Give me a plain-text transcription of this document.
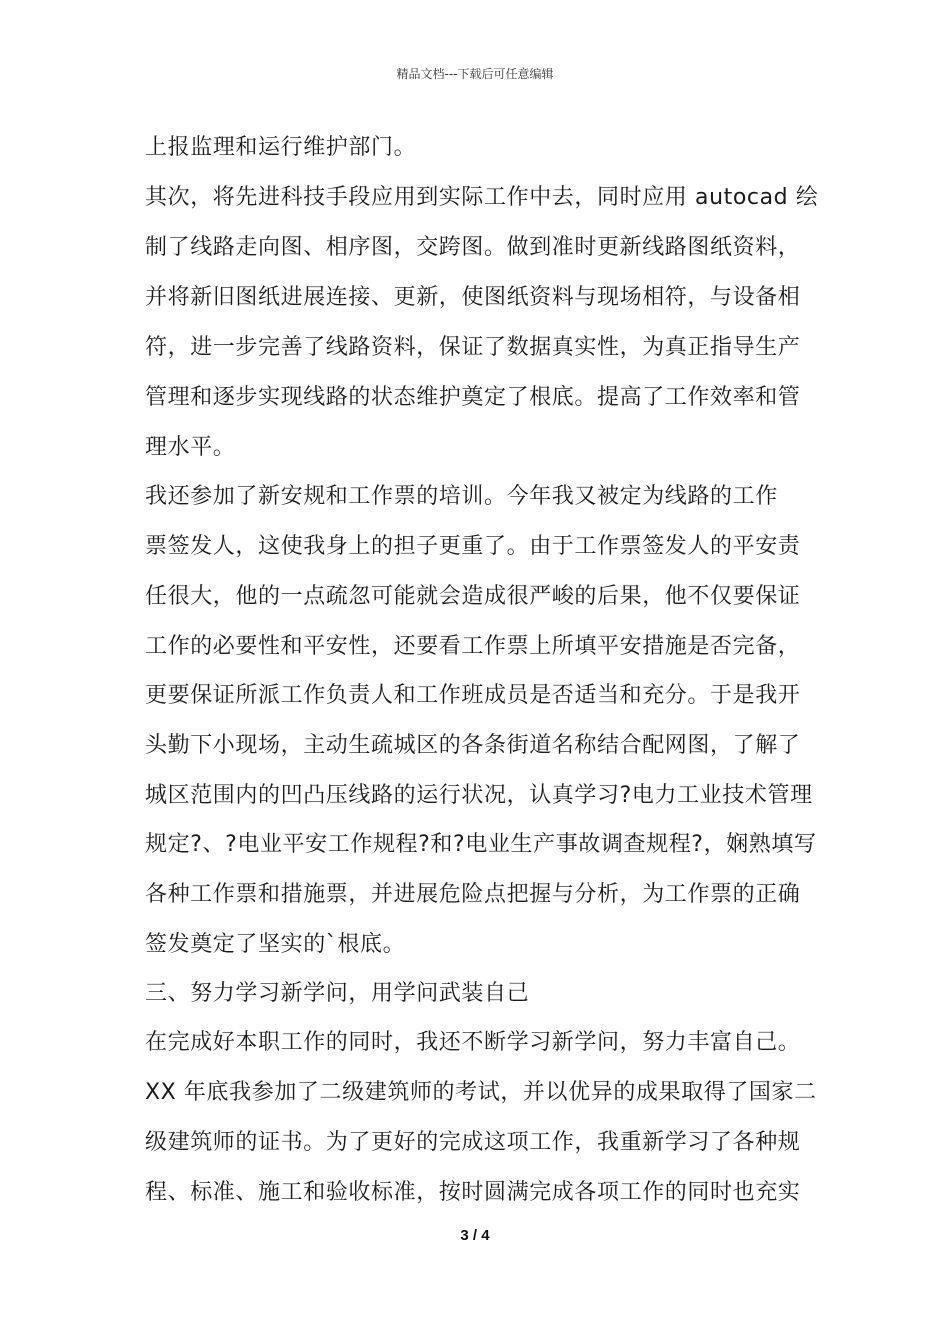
精品文档---下载后可任意编辑
上报监理和运行维护部门。
其次，将先进科技手段应用到实际工作中去，同时应用 autocad 绘
制了线路走向图、相序图，交跨图。做到准时更新线路图纸资料，
并将新旧图纸进展连接、更新，使图纸资料与现场相符，与设备相
符，进一步完善了线路资料，保证了数据真实性，为真正指导生产
管理和逐步实现线路的状态维护奠定了根底。提高了工作效率和管
理水平。
我还参加了新安规和工作票的培训。今年我又被定为线路的工作
票签发人，这使我身上的担子更重了。由于工作票签发人的平安责
任很大，他的一点疏忽可能就会造成很严峻的后果，他不仅要保证
工作的必要性和平安性，还要看工作票上所填平安措施是否完备，
更要保证所派工作负责人和工作班成员是否适当和充分。于是我开
头勤下小现场，主动生疏城区的各条街道名称结合配网图，了解了
城区范围内的凹凸压线路的运行状况，认真学习?电力工业技术管理
规定?、?电业平安工作规程?和?电业生产事故调查规程?，娴熟填写
各种工作票和措施票，并进展危险点把握与分析，为工作票的正确
签发奠定了坚实的`根底。
三、努力学习新学问，用学问武装自己
在完成好本职工作的同时，我还不断学习新学问，努力丰富自己。
XX 年底我参加了二级建筑师的考试，并以优异的成果取得了国家二
级建筑师的证书。为了更好的完成这项工作，我重新学习了各种规
程、标准、施工和验收标准，按时圆满完成各项工作的同时也充实
3 / 4
